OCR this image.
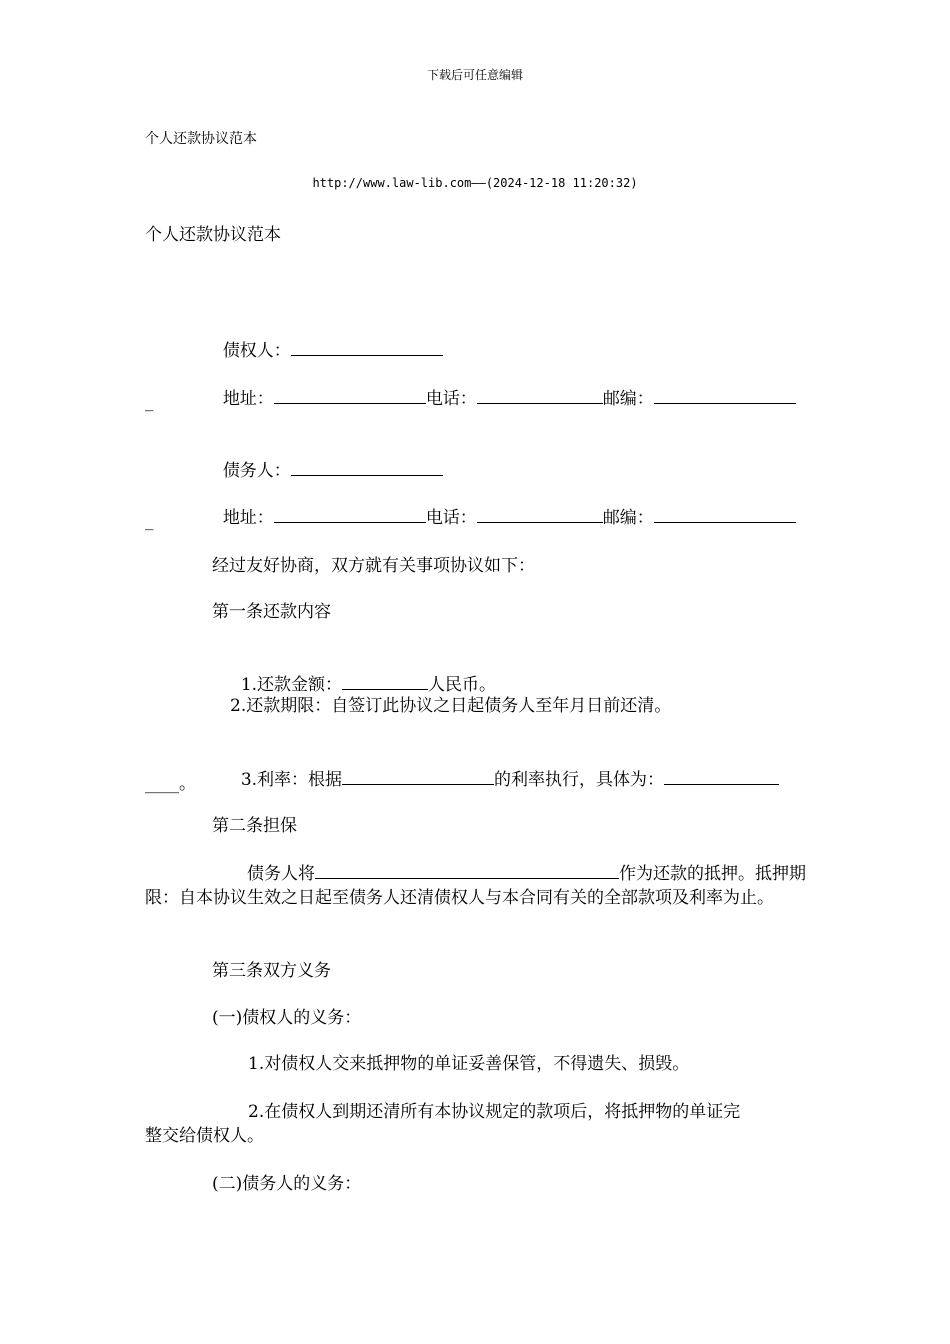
下载后可任意编辑
个人还款协议范本
http://www.law-lib.com——(2024-12-18 11:20:32)
个人还款协议范本

债权人：

地址：	电话：	邮编：

_

债务人：

地址：	电话：	邮编：

_
经过友好协商，双方就有关事项协议如下：
第一条还款内容

1.还款金额：	人民币。

2.还款期限：自签订此协议之日起债务人至年月日前还清。

3.利率：根据	的利率执行，具体为：

____。
第二条担保
债务人将	作为还款的抵押。抵押期限：自本协议生效之日起至债务人还清债权人与本合同有关的全部款项及利率为止。
第三条双方义务
(一)债权人的义务：
1.对债权人交来抵押物的单证妥善保管，不得遗失、损毁。
2.在债权人到期还清所有本协议规定的款项后，将抵押物的单证完
整交给债权人。
(二)债务人的义务：
